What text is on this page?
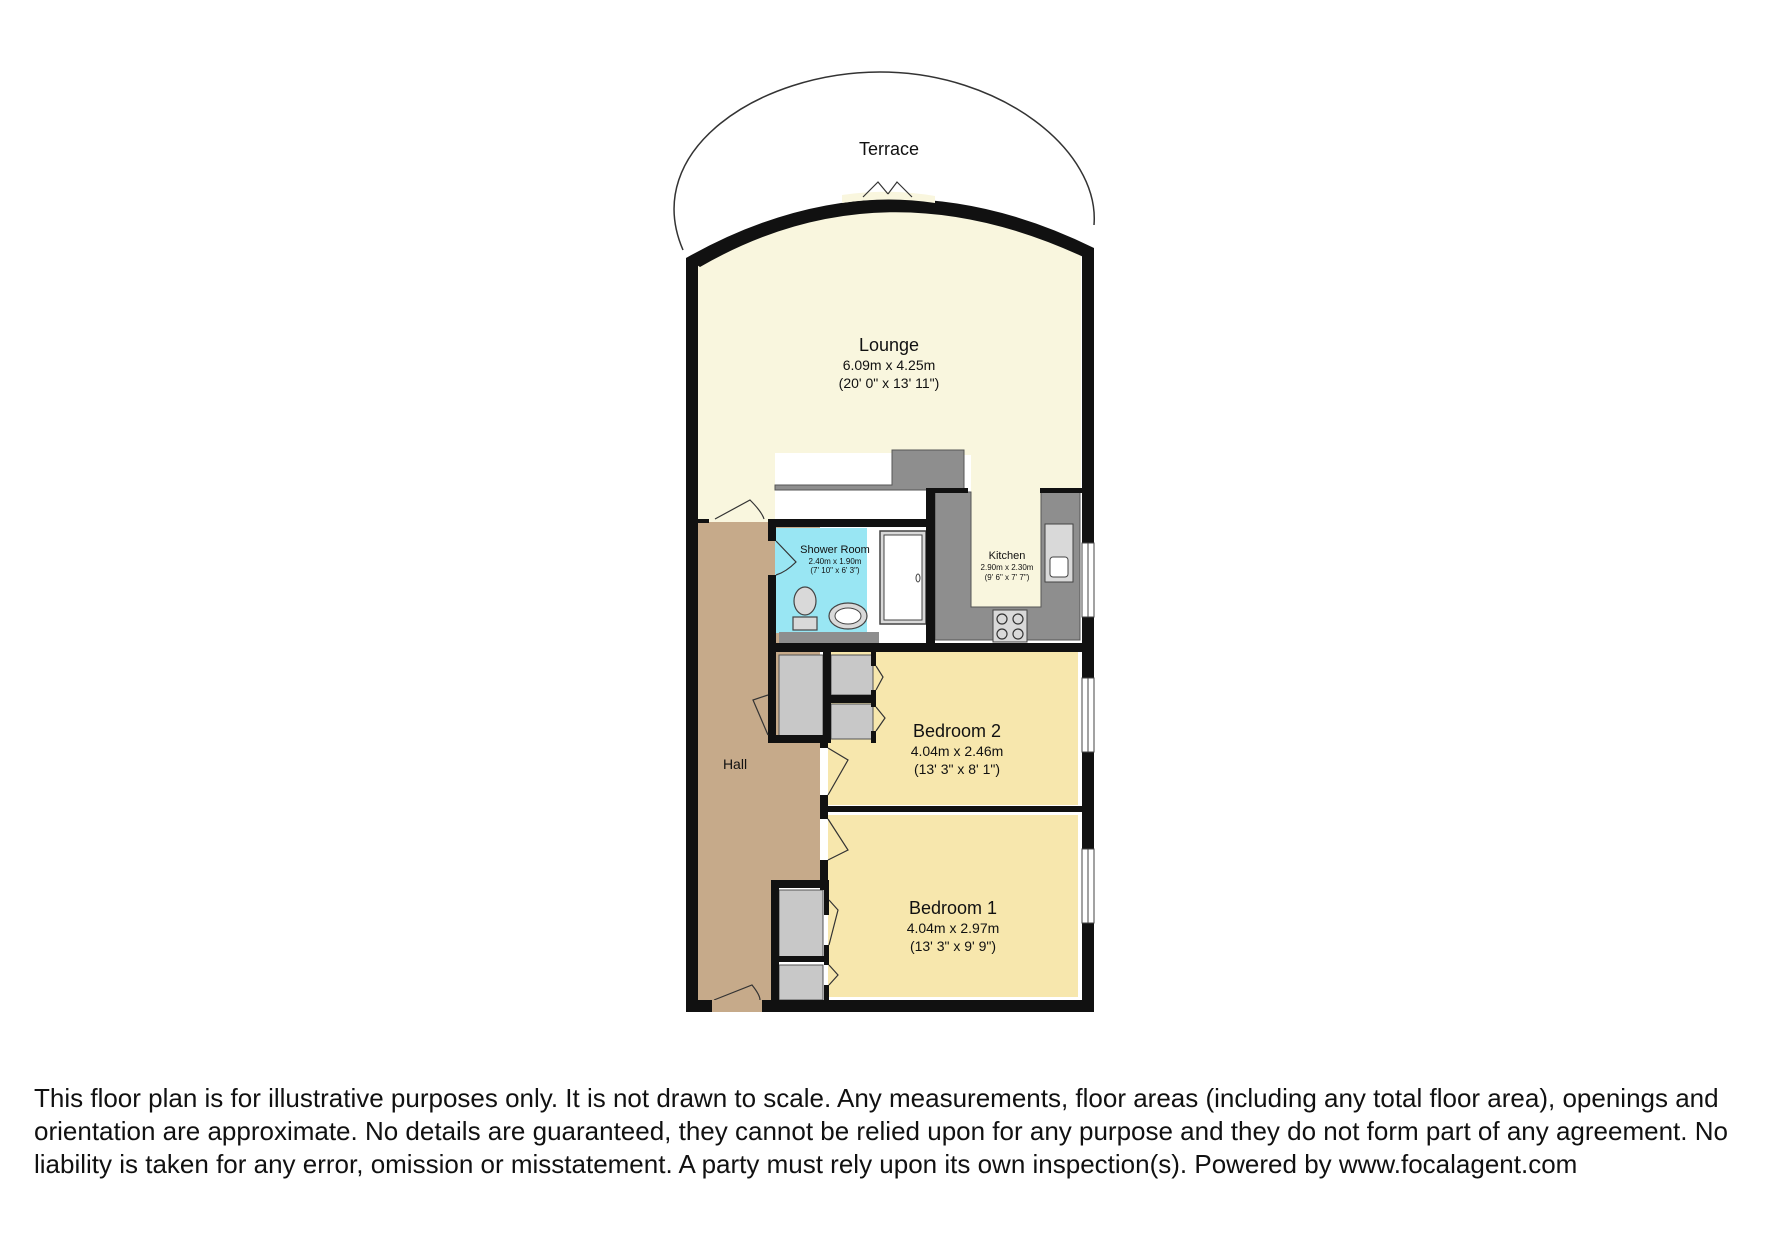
Terrace
Lounge
6.09m x 4.25m
(20' 0" x 13' 11")
Shower Room
2.40m x 1.90m
(7' 10" x 6' 3")
Kitchen
2.90m x 2.30m
(9' 6" x 7' 7")
Hall
Bedroom 2
4.04m x 2.46m
(13' 3" x 8' 1")
Bedroom 1
4.04m x 2.97m
(13' 3" x 9' 9")

This floor plan is for illustrative purposes only. It is not drawn to scale. Any measurements, floor areas (including any total floor area), openings and orientation are approximate. No details are guaranteed, they cannot be relied upon for any purpose and they do not form part of any agreement. No liability is taken for any error, omission or misstatement. A party must rely upon its own inspection(s). Powered by www.focalagent.com
